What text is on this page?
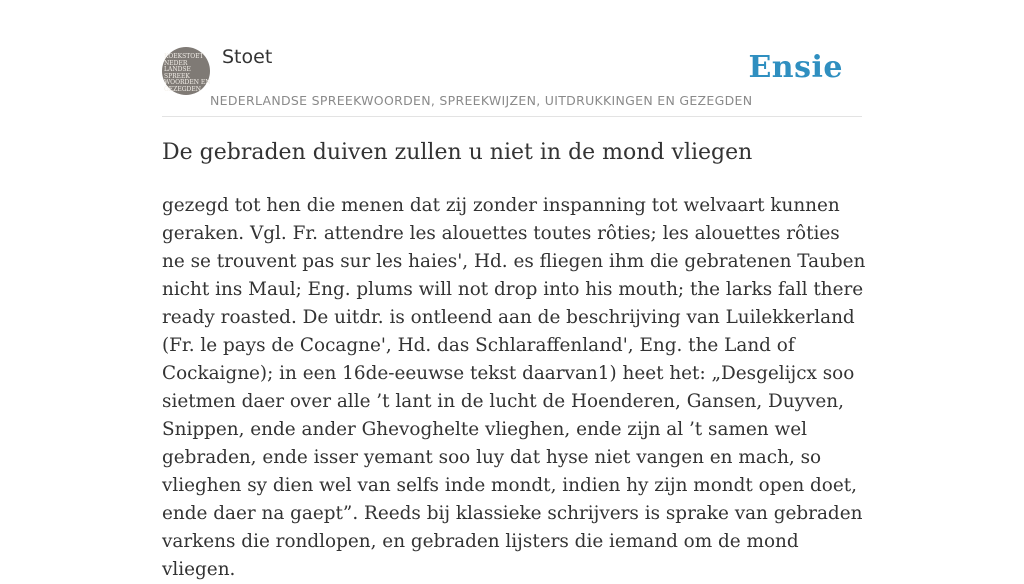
KOEKSTOET
NEDER
LANDSE
SPREEK
WOORDEN EN
GEZEGDEN
Stoet
NEDERLANDSE SPREEKWOORDEN, SPREEKWIJZEN, UITDRUKKINGEN EN GEZEGDEN
Ensie
De gebraden duiven zullen u niet in de mond vliegen

gezegd tot hen die menen dat zij zonder inspanning tot welvaart kunnen geraken. Vgl. Fr. attendre les alouettes toutes rôties; les alouettes rôties ne se trouvent pas sur les haies', Hd. es fliegen ihm die gebratenen Tauben nicht ins Maul; Eng. plums will not drop into his mouth; the larks fall there ready roasted. De uitdr. is ontleend aan de beschrijving van Luilekkerland (Fr. le pays de Cocagne', Hd. das Schlaraffenland', Eng. the Land of Cockaigne); in een 16de-eeuwse tekst daarvan1) heet het: „Desgelijcx soo sietmen daer over alle ’t lant in de lucht de Hoenderen, Gansen, Duyven, Snippen, ende ander Ghevoghelte vlieghen, ende zijn al ’t samen wel gebraden, ende isser yemant soo luy dat hyse niet vangen en mach, so vlieghen sy dien wel van selfs inde mondt, indien hy zijn mondt open doet, ende daer na gaept”. Reeds bij klassieke schrijvers is sprake van gebraden varkens die rondlopen, en gebraden lijsters die iemand om de mond vliegen.
